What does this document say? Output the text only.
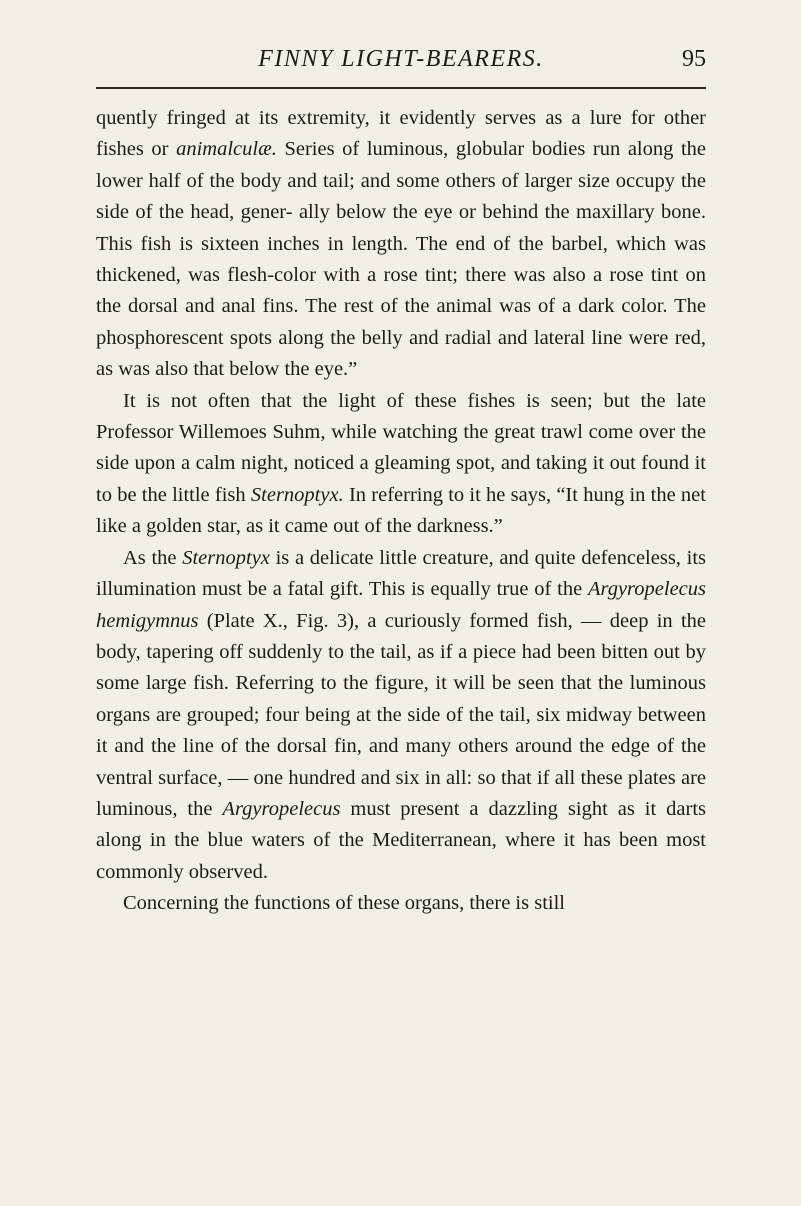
FINNY LIGHT-BEARERS.	95

quently fringed at its extremity, it evidently serves as a lure for other fishes or animalculæ. Series of luminous, globular bodies run along the lower half of the body and tail; and some others of larger size occupy the side of the head, gener- ally below the eye or behind the maxillary bone. This fish is sixteen inches in length. The end of the barbel, which was thickened, was flesh-color with a rose tint; there was also a rose tint on the dorsal and anal fins. The rest of the animal was of a dark color. The phosphorescent spots along the belly and radial and lateral line were red, as was also that below the eye.”

It is not often that the light of these fishes is seen; but the late Professor Willemoes Suhm, while watching the great trawl come over the side upon a calm night, noticed a gleaming spot, and taking it out found it to be the little fish Sternoptyx. In referring to it he says, “It hung in the net like a golden star, as it came out of the darkness.”

As the Sternoptyx is a delicate little creature, and quite defenceless, its illumination must be a fatal gift. This is equally true of the Argyropelecus hemigymnus (Plate X., Fig. 3), a curiously formed fish, — deep in the body, tapering off suddenly to the tail, as if a piece had been bitten out by some large fish. Referring to the figure, it will be seen that the luminous organs are grouped; four being at the side of the tail, six midway between it and the line of the dorsal fin, and many others around the edge of the ventral surface, — one hundred and six in all: so that if all these plates are luminous, the Argyropelecus must present a dazzling sight as it darts along in the blue waters of the Mediterranean, where it has been most commonly observed.

Concerning the functions of these organs, there is still
